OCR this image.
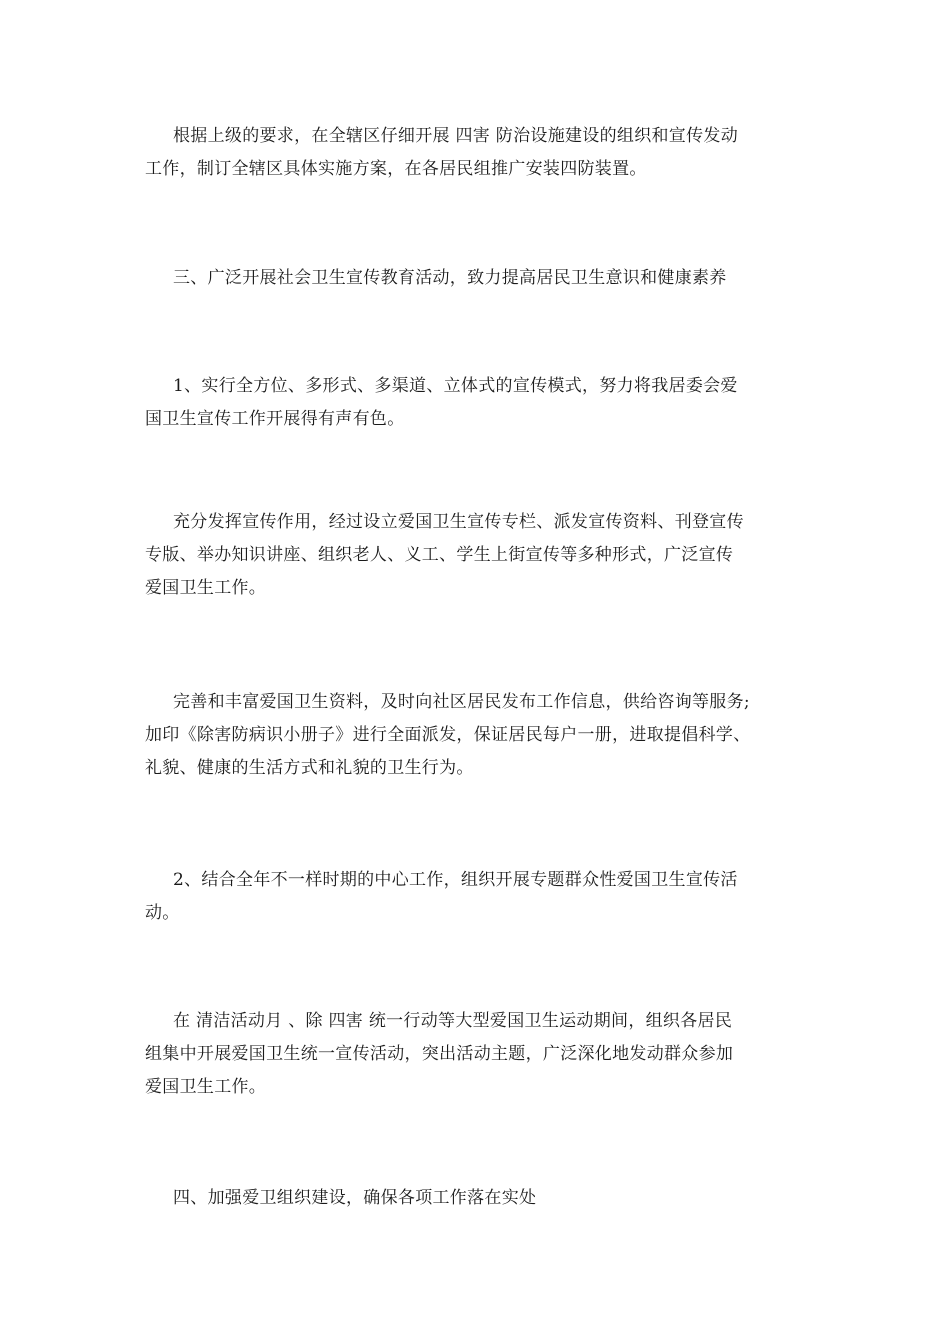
根据上级的要求，在全辖区仔细开展 四害 防治设施建设的组织和宣传发动
工作，制订全辖区具体实施方案，在各居民组推广安装四防装置。
三、广泛开展社会卫生宣传教育活动，致力提高居民卫生意识和健康素养
1、实行全方位、多形式、多渠道、立体式的宣传模式，努力将我居委会爱
国卫生宣传工作开展得有声有色。
充分发挥宣传作用，经过设立爱国卫生宣传专栏、派发宣传资料、刊登宣传
专版、举办知识讲座、组织老人、义工、学生上街宣传等多种形式，广泛宣传
爱国卫生工作。
完善和丰富爱国卫生资料，及时向社区居民发布工作信息，供给咨询等服务;
加印《除害防病识小册子》进行全面派发，保证居民每户一册，进取提倡科学、
礼貌、健康的生活方式和礼貌的卫生行为。
2、结合全年不一样时期的中心工作，组织开展专题群众性爱国卫生宣传活
动。
在 清洁活动月 、除 四害 统一行动等大型爱国卫生运动期间，组织各居民
组集中开展爱国卫生统一宣传活动，突出活动主题，广泛深化地发动群众参加
爱国卫生工作。
四、加强爱卫组织建设，确保各项工作落在实处
